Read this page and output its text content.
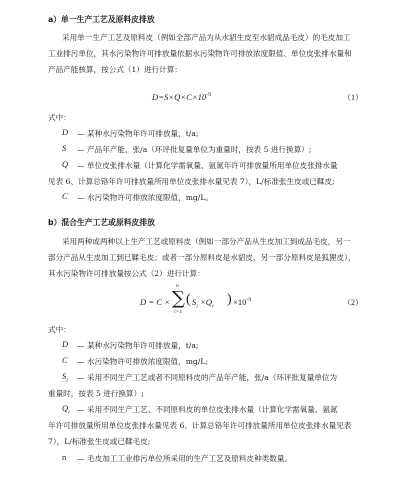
a）单一生产工艺及原料皮排放
采用单一生产工艺及原料皮（例如全部产品为从水貂生皮至水貂成品毛皮）的毛皮加工
工业排污单位，其水污染物许可排放量依据水污染物许可排放浓度限值、单位皮张排水量和
产品产能核算，按公式（1）进行计算：
$D=S\times Q\times C\times 10^{-9}$	（1）
式中：
D — 某种水污染物年许可排放量，t/a;
S — 产品年产能，张/a（环评批复量单位为重量时，按表 5 进行换算）;
Q — 单位皮张排水量（计算化学需氧量、氨氮年许可排放量所用单位皮张排水量
见表 6、计算总铬年许可排放量所用单位皮张排水量见表 7），L/标准张生皮或已鞣皮;
C — 水污染物许可排放浓度限值，mg/L。
b）混合生产工艺或原料皮排放
采用两种或两种以上生产工艺或原料皮（例如一部分产品从生皮加工到成品毛皮，另一
部分产品从生皮加工到已鞣毛皮；或者一部分原料皮是水貂皮，另一部分原料皮是狐狸皮），
其水污染物许可排放量按公式（2）进行计算：
D = C ×
n
∑
i=1
( $S_i \times Q_i$ ) $\times 10^{-9}$	（2）
式中：
D — 某种水污染物年许可排放量，t/a;
C — 水污染物许可排放浓度限值，mg/L;
$S_i$ — 采用不同生产工艺或者不同原料皮的产品年产能，张/a（环评批复量单位为
重量时，按表 5 进行换算）;
$Q_i$ — 采用不同生产工艺、不同原料皮的单位皮张排水量（计算化学需氧量、氨氮
年许可排放量所用单位皮张排水量见表 6、计算总铬年许可排放量所用单位皮张排水量见表
7），L/标准张生皮或已鞣毛皮;
n — 毛皮加工工业排污单位所采用的生产工艺及原料皮种类数量。
